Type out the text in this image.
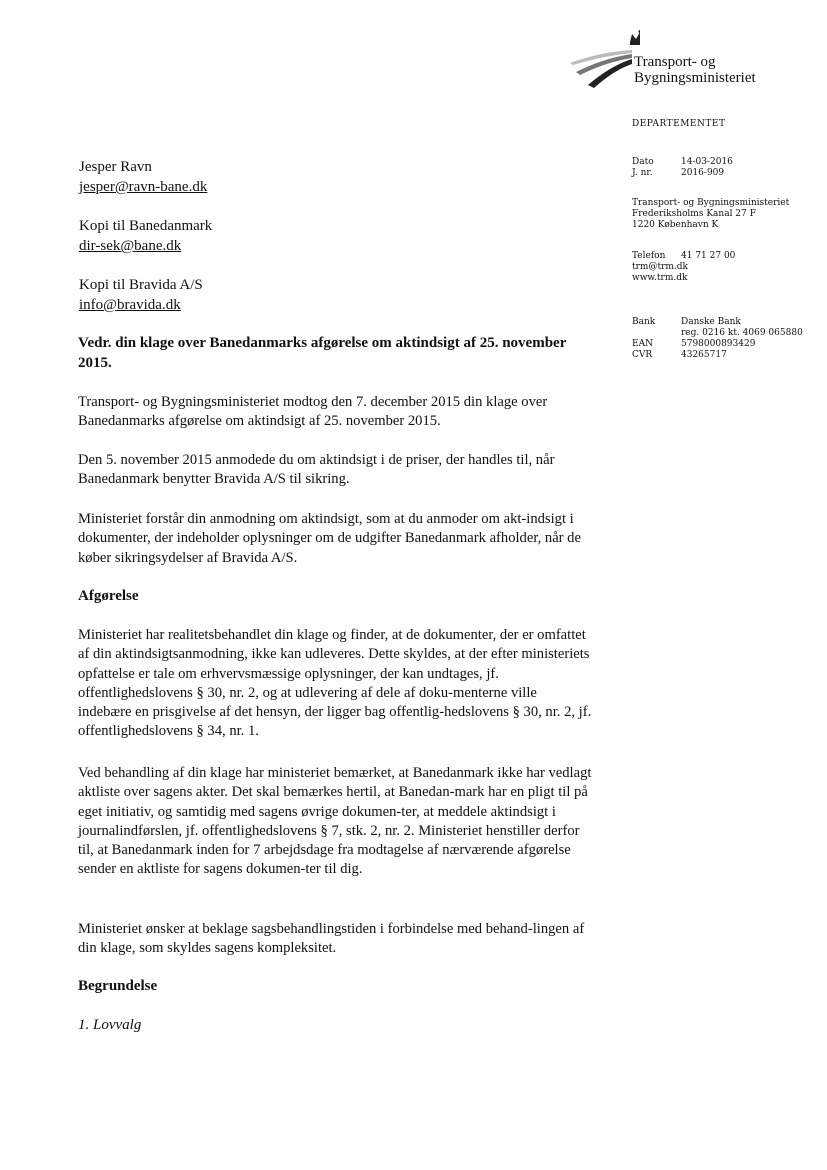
Transport- og
Bygningsministeriet
DEPARTEMENTET
Dato	14-03-2016
J. nr.	2016-909
Transport- og Bygningsministeriet
Frederiksholms Kanal 27 F
1220 København K
Telefon	41 71 27 00
trm@trm.dk
www.trm.dk
Bank	Danske Bank
reg. 0216 kt. 4069 065880
EAN	5798000893429
CVR	43265717
Jesper Ravn
jesper@ravn-bane.dk
Kopi til Banedanmark
dir-sek@bane.dk
Kopi til Bravida A/S
info@bravida.dk
Vedr. din klage over Banedanmarks afgørelse om aktindsigt af 25. november 2015.

Transport- og Bygningsministeriet modtog den 7. december 2015 din klage over Banedanmarks afgørelse om aktindsigt af 25. november 2015.

Den 5. november 2015 anmodede du om aktindsigt i de priser, der handles til, når Banedanmark benytter Bravida A/S til sikring.

Ministeriet forstår din anmodning om aktindsigt, som at du anmoder om akt-indsigt i dokumenter, der indeholder oplysninger om de udgifter Banedanmark afholder, når de køber sikringsydelser af Bravida A/S.

Afgørelse

Ministeriet har realitetsbehandlet din klage og finder, at de dokumenter, der er omfattet af din aktindsigtsanmodning, ikke kan udleveres. Dette skyldes, at der efter ministeriets opfattelse er tale om erhvervsmæssige oplysninger, der kan undtages, jf. offentlighedslovens § 30, nr. 2, og at udlevering af dele af doku-menterne ville indebære en prisgivelse af det hensyn, der ligger bag offentlig-hedslovens § 30, nr. 2, jf. offentlighedslovens § 34, nr. 1.

Ved behandling af din klage har ministeriet bemærket, at Banedanmark ikke har vedlagt aktliste over sagens akter. Det skal bemærkes hertil, at Banedan-mark har en pligt til på eget initiativ, og samtidig med sagens øvrige dokumen-ter, at meddele aktindsigt i journalindførslen, jf. offentlighedslovens § 7, stk. 2, nr. 2. Ministeriet henstiller derfor til, at Banedanmark inden for 7 arbejdsdage fra modtagelse af nærværende afgørelse sender en aktliste for sagens dokumen-ter til dig.

Ministeriet ønsker at beklage sagsbehandlingstiden i forbindelse med behand-lingen af din klage, som skyldes sagens kompleksitet.

Begrundelse
1. Lovvalg
